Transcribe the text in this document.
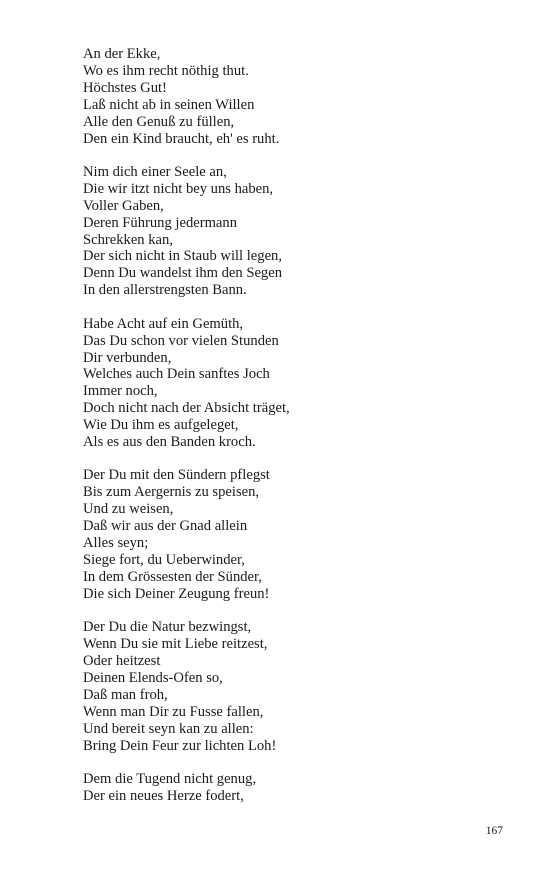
An der Ekke,
Wo es ihm recht nöthig thut.
Höchstes Gut!
Laß nicht ab in seinen Willen
Alle den Genuß zu füllen,
Den ein Kind braucht, eh' es ruht.
Nim dich einer Seele an,
Die wir itzt nicht bey uns haben,
Voller Gaben,
Deren Führung jedermann
Schrekken kan,
Der sich nicht in Staub will legen,
Denn Du wandelst ihm den Segen
In den allerstrengsten Bann.
Habe Acht auf ein Gemüth,
Das Du schon vor vielen Stunden
Dir verbunden,
Welches auch Dein sanftes Joch
Immer noch,
Doch nicht nach der Absicht träget,
Wie Du ihm es aufgeleget,
Als es aus den Banden kroch.
Der Du mit den Sündern pflegst
Bis zum Aergernis zu speisen,
Und zu weisen,
Daß wir aus der Gnad allein
Alles seyn;
Siege fort, du Ueberwinder,
In dem Grössesten der Sünder,
Die sich Deiner Zeugung freun!
Der Du die Natur bezwingst,
Wenn Du sie mit Liebe reitzest,
Oder heitzest
Deinen Elends-Ofen so,
Daß man froh,
Wenn man Dir zu Fusse fallen,
Und bereit seyn kan zu allen:
Bring Dein Feur zur lichten Loh!
Dem die Tugend nicht genug,
Der ein neues Herze fodert,
167
